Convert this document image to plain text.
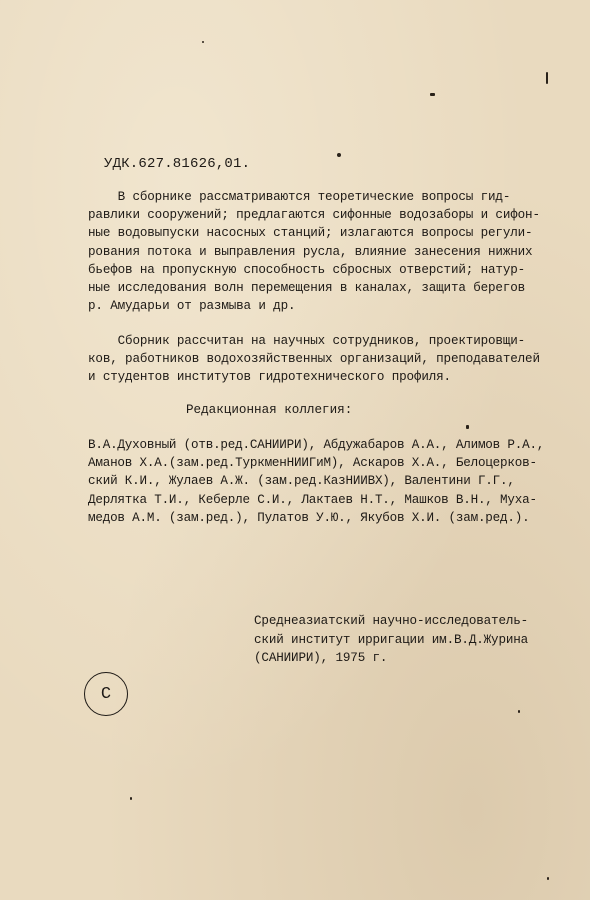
УДК.627.81626,01.
В сборнике рассматриваются теоретические вопросы гид-
равлики сооружений; предлагаются сифонные водозаборы и сифон-
ные водовыпуски насосных станций; излагаются вопросы регули-
рования потока и выправления русла, влияние занесения нижних
бьефов на пропускную способность сбросных отверстий; натур-
ные исследования волн перемещения в каналах, защита берегов
р. Амударьи от размыва и др.
Сборник рассчитан на научных сотрудников, проектировщи-
ков, работников водохозяйственных организаций, преподавателей
и студентов институтов гидротехнического профиля.
Редакционная коллегия:
В.А.Духовный (отв.ред.САНИИРИ), Абдужабаров А.А., Алимов Р.А.,
Аманов Х.А.(зам.ред.ТуркменНИИГиМ), Аскаров Х.А., Белоцерков-
ский К.И., Жулаев А.Ж. (зам.ред.КазНИИВХ), Валентини Г.Г.,
Дерлятка Т.И., Кеберле С.И., Лактаев Н.Т., Машков В.Н., Муха-
медов А.М. (зам.ред.), Пулатов У.Ю., Якубов Х.И. (зам.ред.).
Среднеазиатский научно-исследователь-
ский институт ирригации им.В.Д.Журина
(САНИИРИ), 1975 г.
С
